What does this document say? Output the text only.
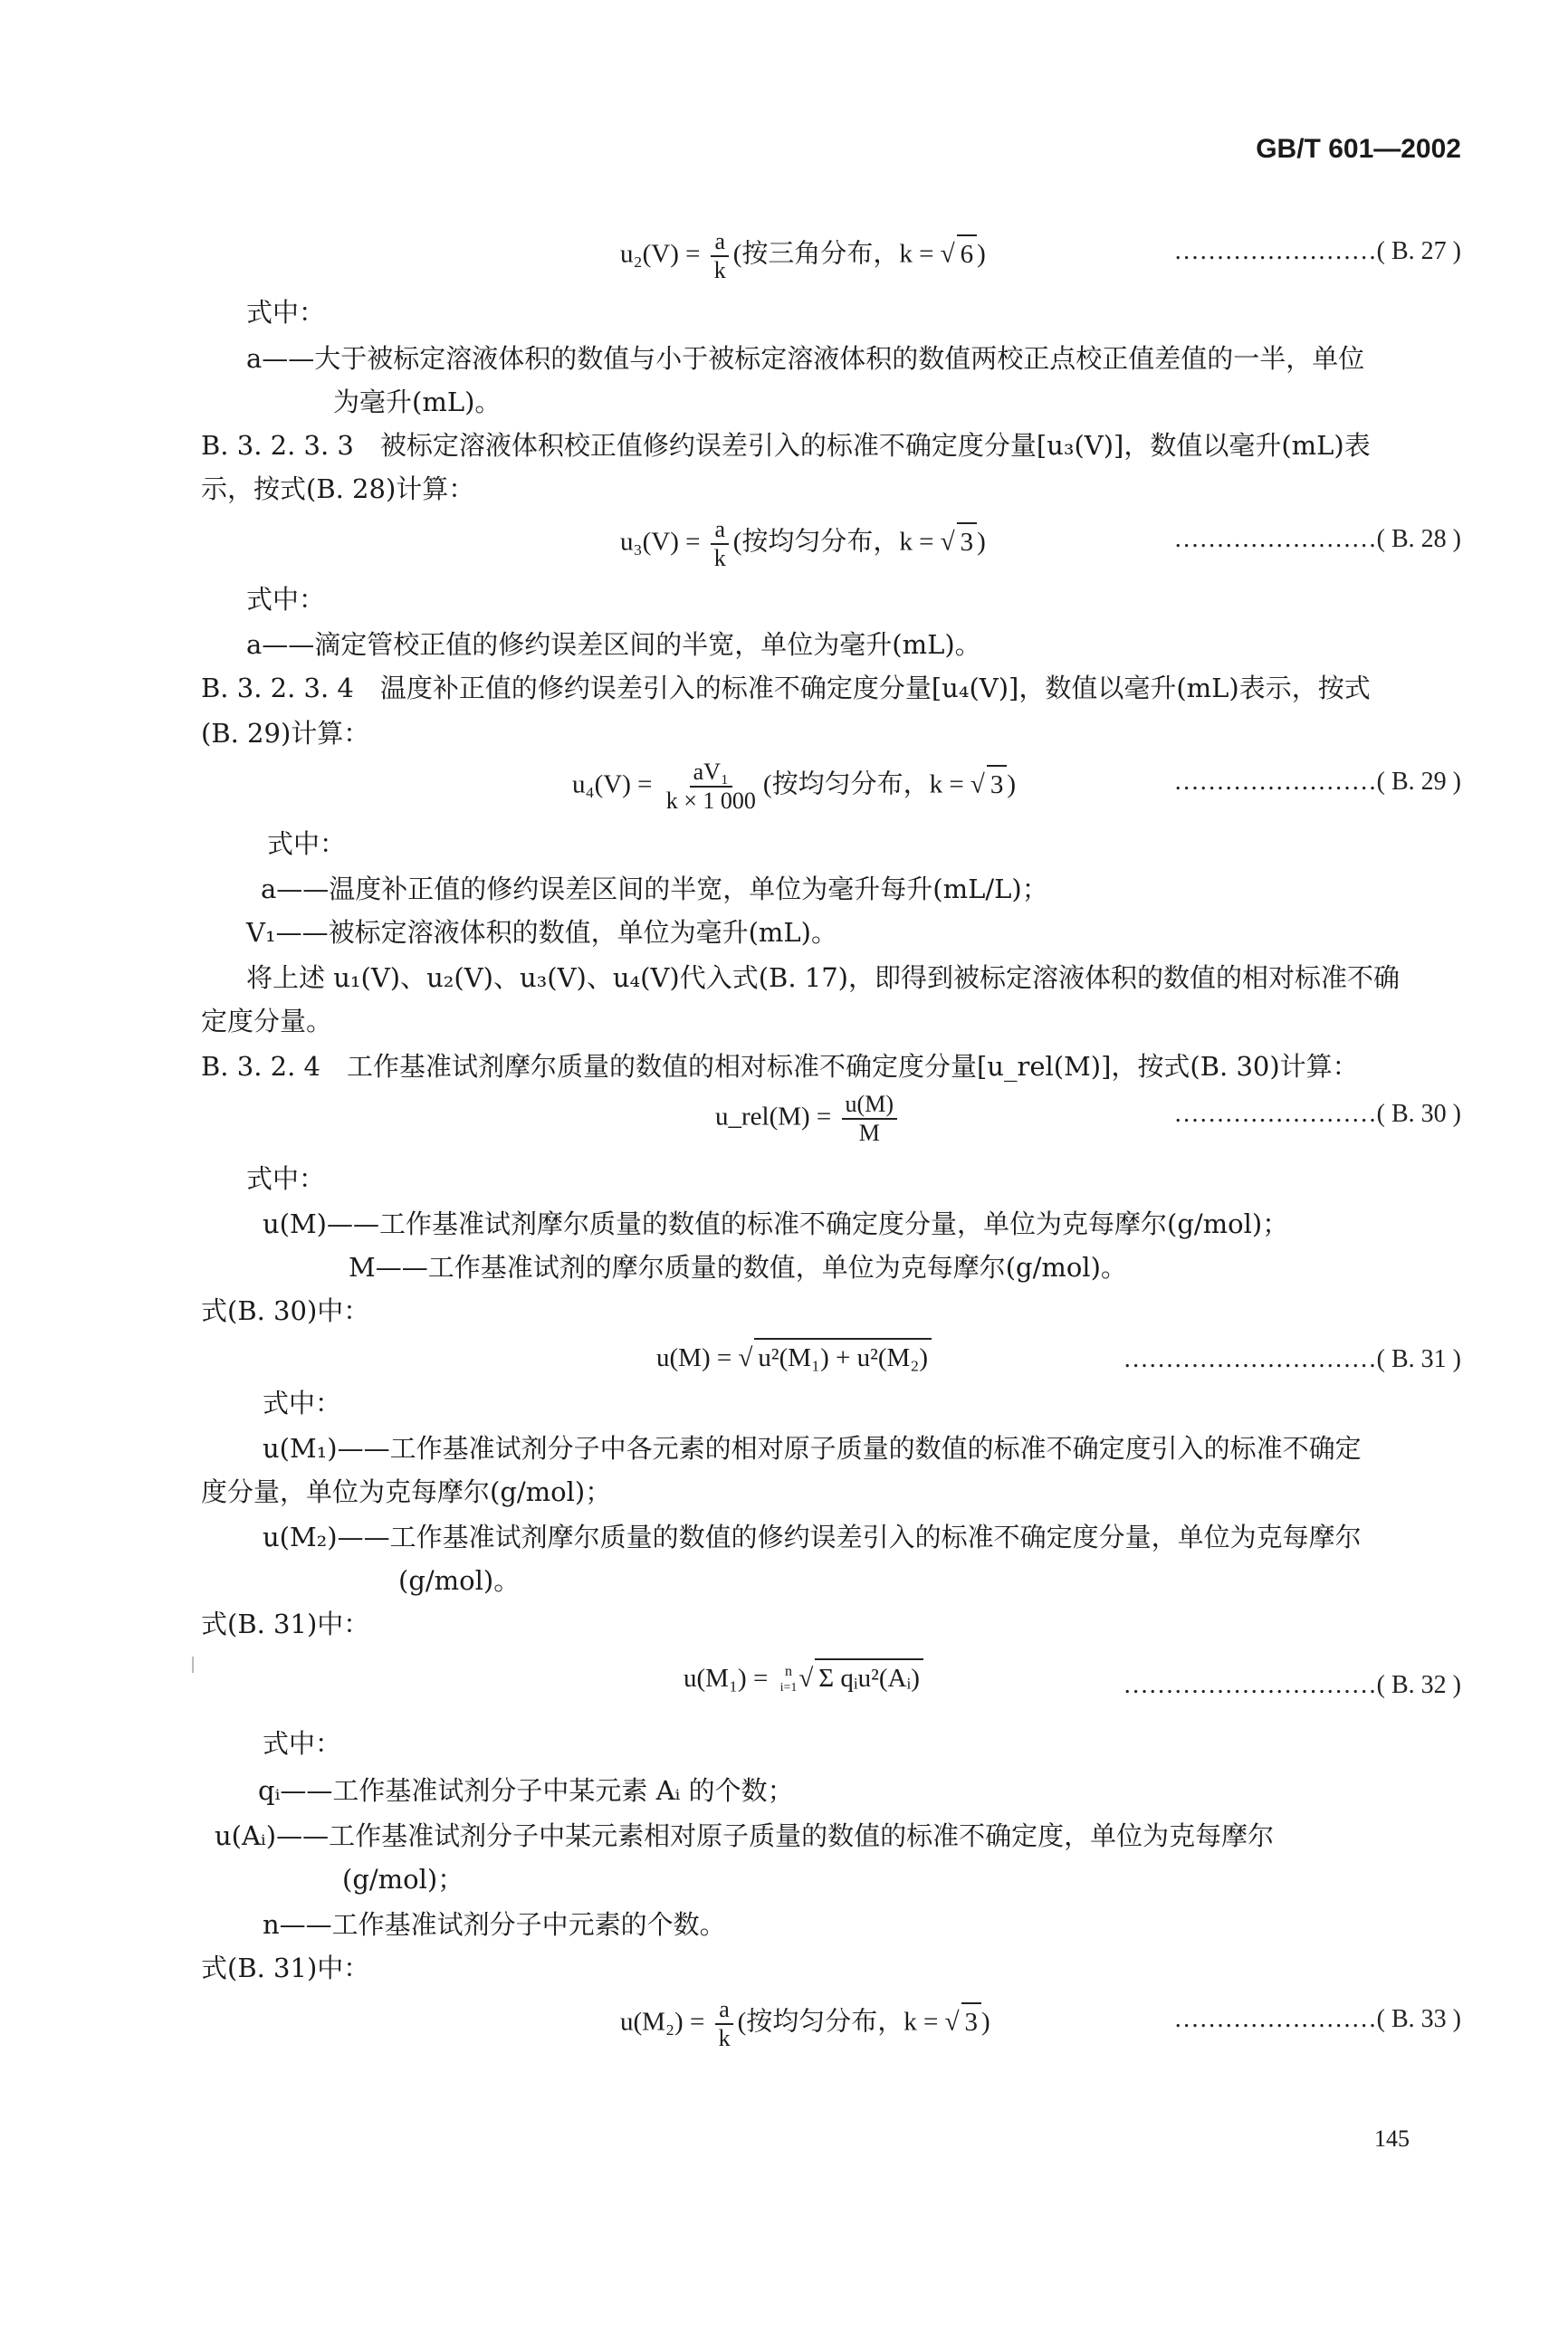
GB/T 601—2002
$u_2(V) = \frac{a}{k}$ (按三角分布，k = √ 6 )	……………………( B. 27 )
式中：
a——大于被标定溶液体积的数值与小于被标定溶液体积的数值两校正点校正值差值的一半，单位
为毫升(mL)。
B. 3. 2. 3. 3　被标定溶液体积校正值修约误差引入的标准不确定度分量[u₃(V)]，数值以毫升(mL)表
示，按式(B. 28)计算：
$u_3(V) = \frac{a}{k}$ (按均匀分布，k = √ 3 )	……………………( B. 28 )
式中：
a——滴定管校正值的修约误差区间的半宽，单位为毫升(mL)。
B. 3. 2. 3. 4　温度补正值的修约误差引入的标准不确定度分量[u₄(V)]，数值以毫升(mL)表示，按式
(B. 29)计算：
$u_4(V) = \frac{\text{aV₁}}{k \times 1 000}$ (按均匀分布，k = √ 3 )	……………………( B. 29 )
式中：
a——温度补正值的修约误差区间的半宽，单位为毫升每升(mL/L)；
V₁——被标定溶液体积的数值，单位为毫升(mL)。
将上述 u₁(V)、u₂(V)、u₃(V)、u₄(V)代入式(B. 17)，即得到被标定溶液体积的数值的相对标准不确
定度分量。
B. 3. 2. 4　工作基准试剂摩尔质量的数值的相对标准不确定度分量[u_rel(M)]，按式(B. 30)计算：
u_rel(M) = $\frac{u(M)}{M}$	……………………( B. 30 )
式中：
u(M)——工作基准试剂摩尔质量的数值的标准不确定度分量，单位为克每摩尔(g/mol)；
M——工作基准试剂的摩尔质量的数值，单位为克每摩尔(g/mol)。
式(B. 30)中：
u(M) = √ u²(M₁) + u²(M₂)	…………………………( B. 31 )
式中：
u(M₁)——工作基准试剂分子中各元素的相对原子质量的数值的标准不确定度引入的标准不确定
度分量，单位为克每摩尔(g/mol)；
u(M₂)——工作基准试剂摩尔质量的数值的修约误差引入的标准不确定度分量，单位为克每摩尔
(g/mol)。
式(B. 31)中：
u(M₁) = n
i=1 √ Σ qᵢu²(Aᵢ)	…………………………( B. 32 )
式中：
qᵢ——工作基准试剂分子中某元素 Aᵢ 的个数；
u(Aᵢ)——工作基准试剂分子中某元素相对原子质量的数值的标准不确定度，单位为克每摩尔
(g/mol)；
n——工作基准试剂分子中元素的个数。
式(B. 31)中：
$u(M_2) = \frac{a}{k}$ (按均匀分布，k = √ 3 )	……………………( B. 33 )
145
